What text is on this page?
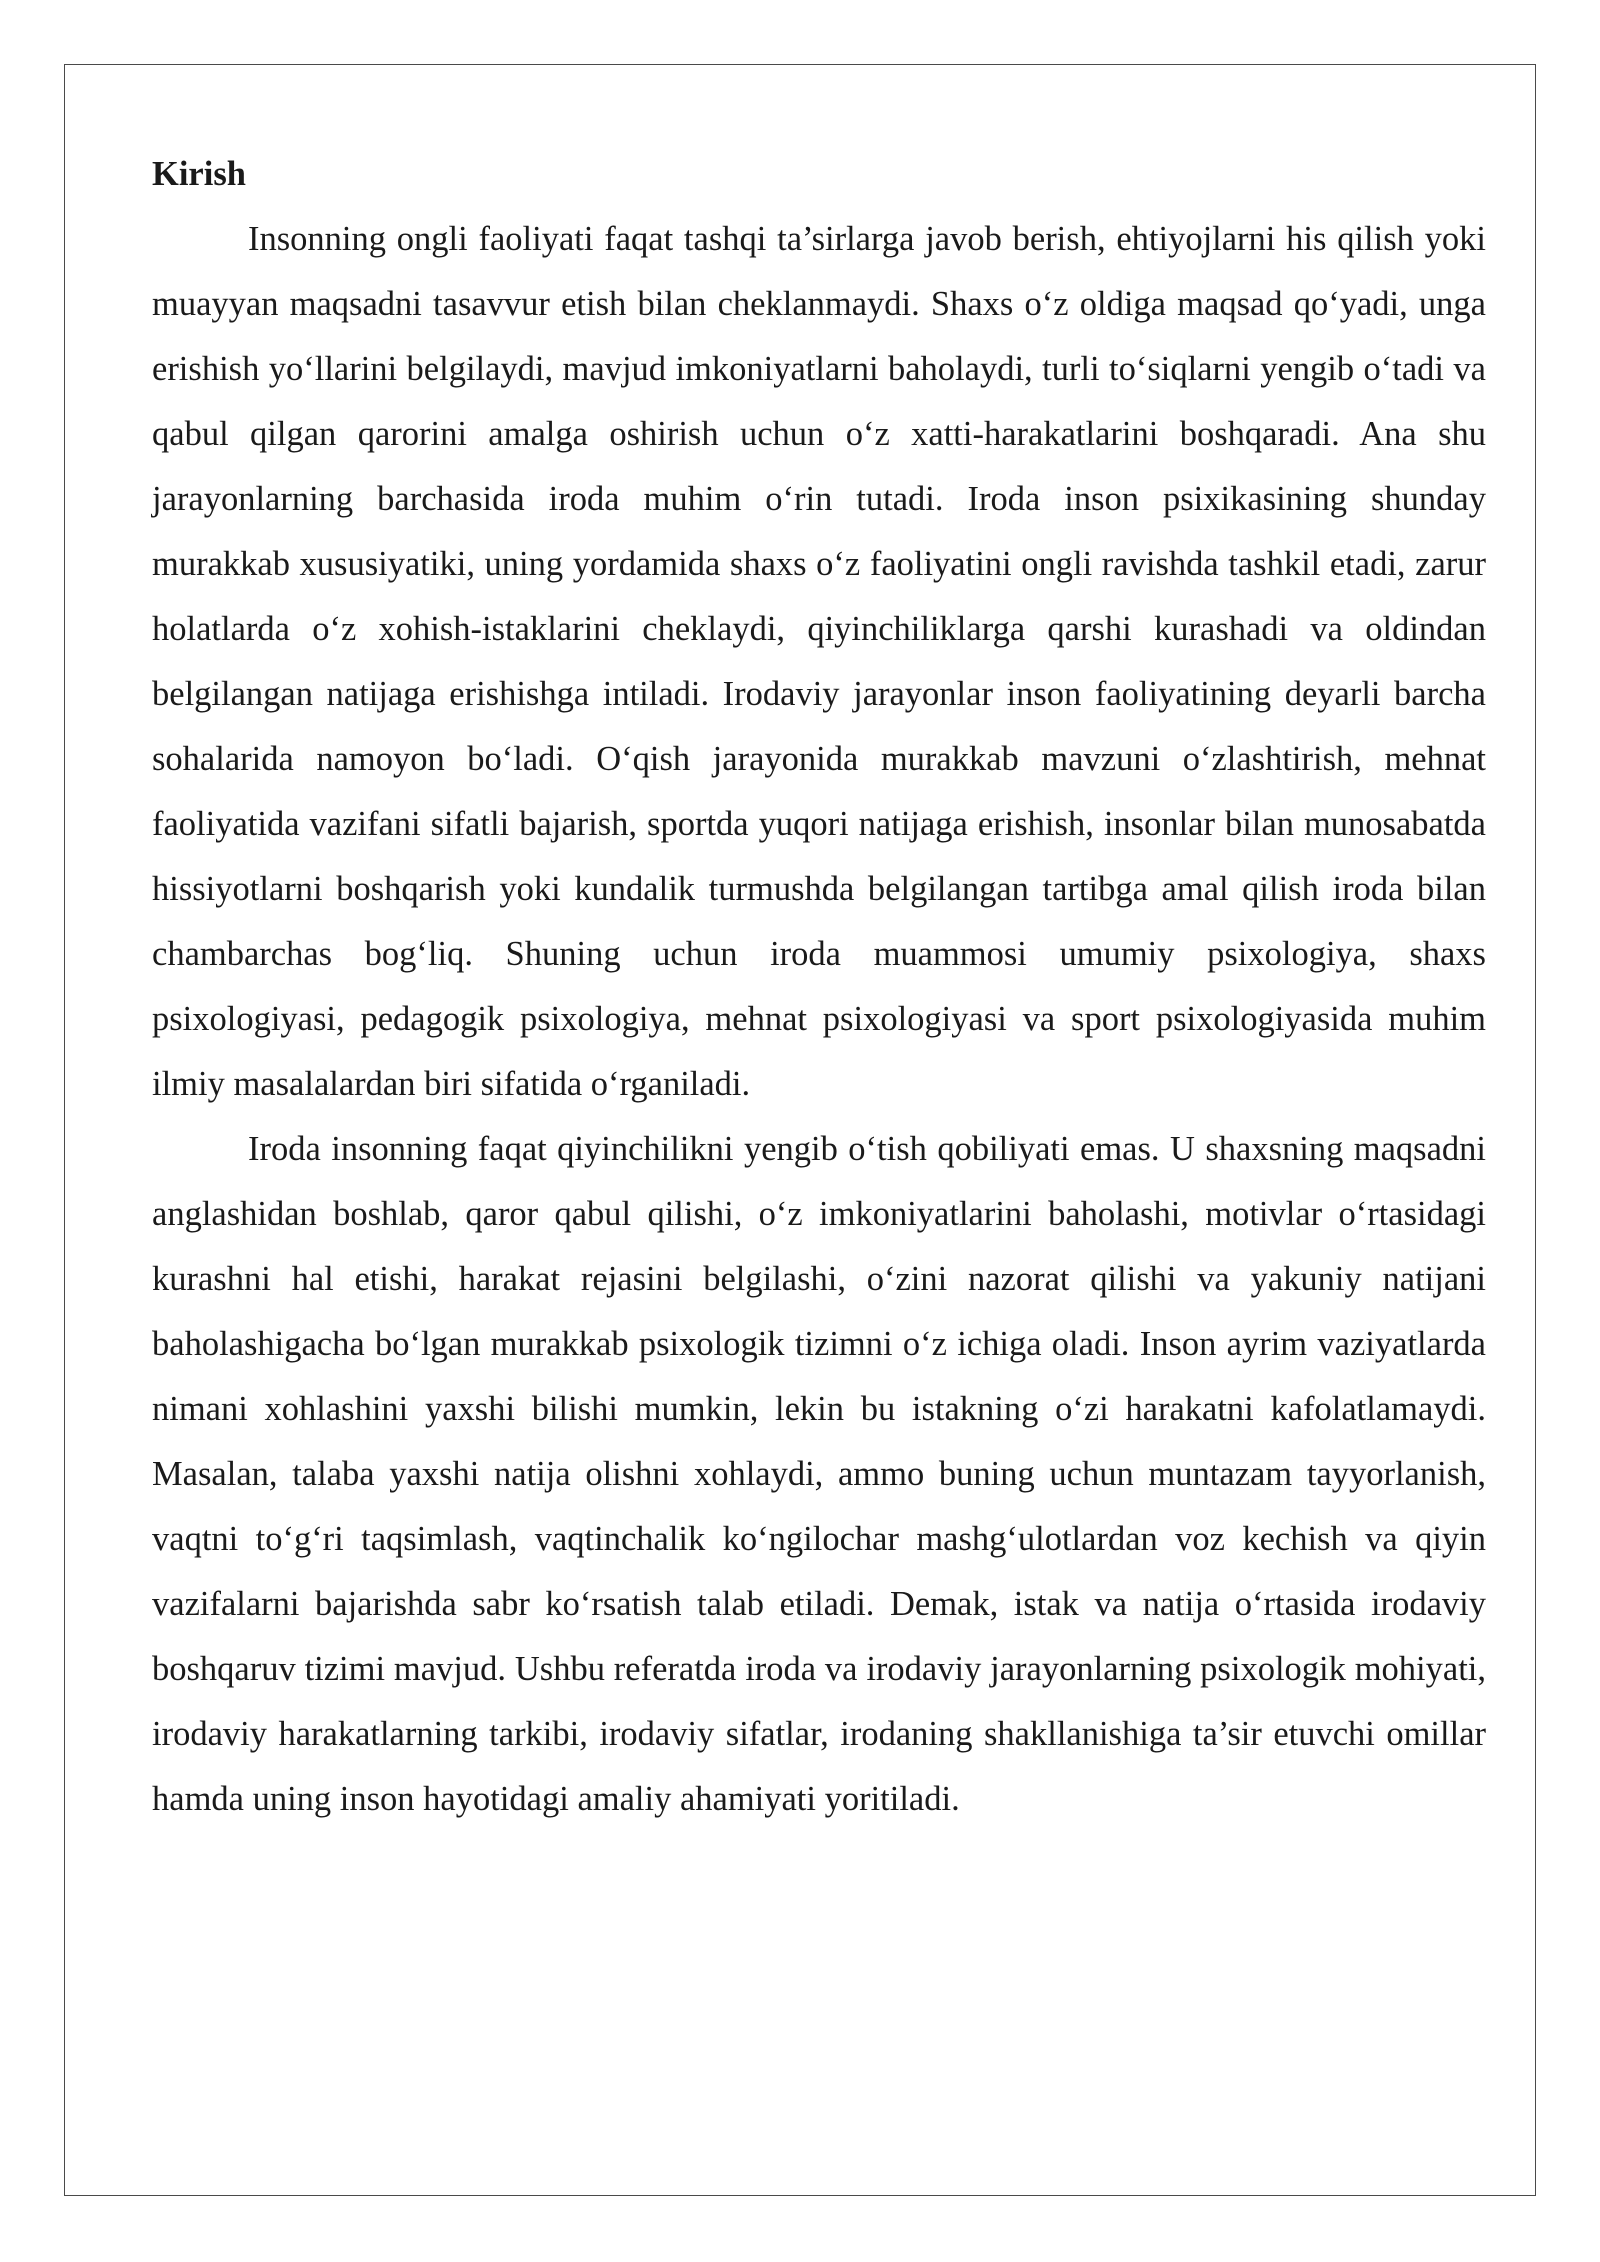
Kirish

Insonning ongli faoliyati faqat tashqi ta’sirlarga javob berish, ehtiyojlarni his qilish yoki muayyan maqsadni tasavvur etish bilan cheklanmaydi. Shaxs o‘z oldiga maqsad qo‘yadi, unga erishish yo‘llarini belgilaydi, mavjud imkoniyatlarni baholaydi, turli to‘siqlarni yengib o‘tadi va qabul qilgan qarorini amalga oshirish uchun o‘z xatti-harakatlarini boshqaradi. Ana shu jarayonlarning barchasida iroda muhim o‘rin tutadi. Iroda inson psixikasining shunday murakkab xususiyatiki, uning yordamida shaxs o‘z faoliyatini ongli ravishda tashkil etadi, zarur holatlarda o‘z xohish-istaklarini cheklaydi, qiyinchiliklarga qarshi kurashadi va oldindan belgilangan natijaga erishishga intiladi. Irodaviy jarayonlar inson faoliyatining deyarli barcha sohalarida namoyon bo‘ladi. O‘qish jarayonida murakkab mavzuni o‘zlashtirish, mehnat faoliyatida vazifani sifatli bajarish, sportda yuqori natijaga erishish, insonlar bilan munosabatda hissiyotlarni boshqarish yoki kundalik turmushda belgilangan tartibga amal qilish iroda bilan chambarchas bog‘liq. Shuning uchun iroda muammosi umumiy psixologiya, shaxs psixologiyasi, pedagogik psixologiya, mehnat psixologiyasi va sport psixologiyasida muhim ilmiy masalalardan biri sifatida o‘rganiladi.

Iroda insonning faqat qiyinchilikni yengib o‘tish qobiliyati emas. U shaxsning maqsadni anglashidan boshlab, qaror qabul qilishi, o‘z imkoniyatlarini baholashi, motivlar o‘rtasidagi kurashni hal etishi, harakat rejasini belgilashi, o‘zini nazorat qilishi va yakuniy natijani baholashigacha bo‘lgan murakkab psixologik tizimni o‘z ichiga oladi. Inson ayrim vaziyatlarda nimani xohlashini yaxshi bilishi mumkin, lekin bu istakning o‘zi harakatni kafolatlamaydi. Masalan, talaba yaxshi natija olishni xohlaydi, ammo buning uchun muntazam tayyorlanish, vaqtni to‘g‘ri taqsimlash, vaqtinchalik ko‘ngilochar mashg‘ulotlardan voz kechish va qiyin vazifalarni bajarishda sabr ko‘rsatish talab etiladi. Demak, istak va natija o‘rtasida irodaviy boshqaruv tizimi mavjud. Ushbu referatda iroda va irodaviy jarayonlarning psixologik mohiyati, irodaviy harakatlarning tarkibi, irodaviy sifatlar, irodaning shakllanishiga ta’sir etuvchi omillar hamda uning inson hayotidagi amaliy ahamiyati yoritiladi.
